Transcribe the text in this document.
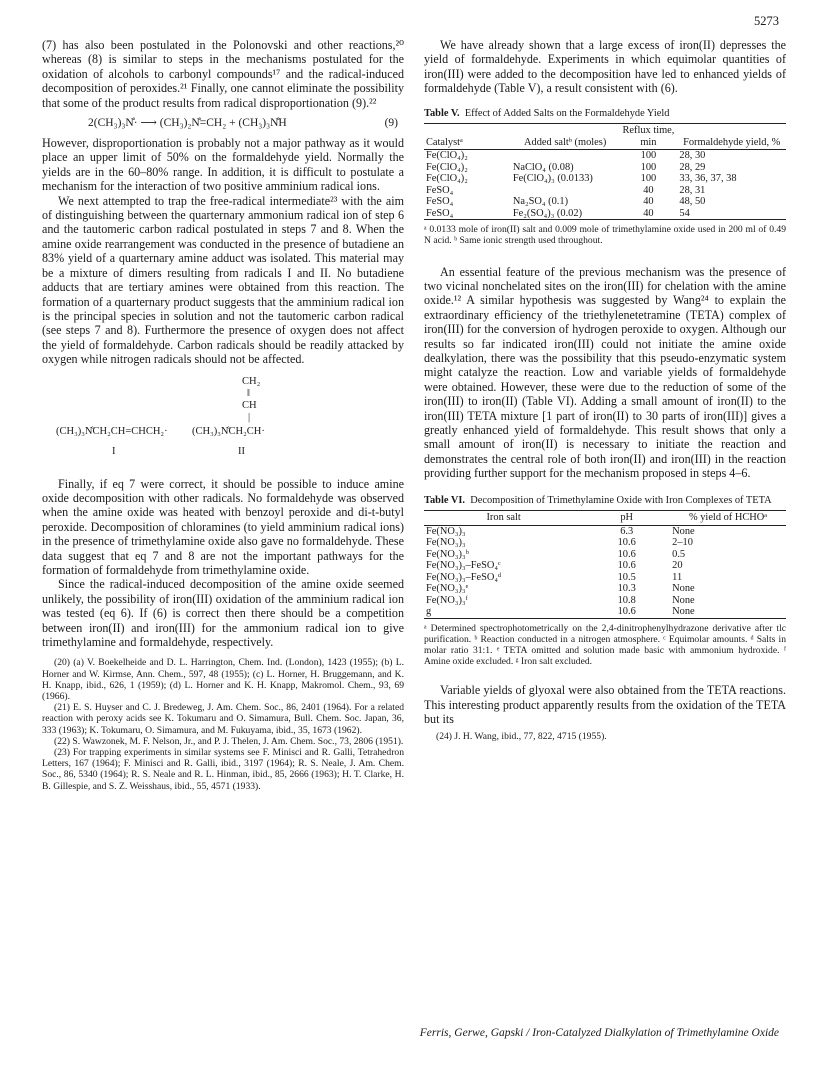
5273

(7) has also been postulated in the Polonovski and other reactions,²⁰ whereas (8) is similar to steps in the mechanisms postulated for the oxidation of alcohols to carbonyl compounds¹⁷ and the radical-induced decomposition of peroxides.²¹ Finally, one cannot eliminate the possibility that some of the product results from radical disproportionation (9).²²

2(CH₃)₃N̊· ⟶ (CH₃)₂N̊=CH₂ + (CH₃)₃N̊H	(9)

However, disproportionation is probably not a major pathway as it would place an upper limit of 50% on the formaldehyde yield. Normally the yields are in the 60–80% range. In addition, it is difficult to postulate a mechanism for the interaction of two positive amminium radical ions.

We next attempted to trap the free-radical intermediate²³ with the aim of distinguishing between the quarternary ammonium radical ion of step 6 and the tautomeric carbon radical postulated in steps 7 and 8. When the amine oxide rearrangement was conducted in the presence of butadiene an 83% yield of a quarternary amine adduct was isolated. This material may be a mixture of dimers resulting from radicals I and II. No butadiene adducts that are tertiary amines were obtained from this reaction. The formation of a quarternary product suggests that the amminium radical ion is the principal species in solution and not the tautomeric carbon radical (see steps 7 and 8). Furthermore the presence of oxygen does not affect the yield of formaldehyde. Carbon radicals should be readily attacked by oxygen while nitrogen radicals should not be affected.

CH₂
‖
CH
|
(CH₃)₃N̊CH₂CH=CHCH₂· (CH₃)₃N̊CH₂CH·
I	II

Finally, if eq 7 were correct, it should be possible to induce amine oxide decomposition with other radicals. No formaldehyde was observed when the amine oxide was heated with benzoyl peroxide and di-t-butyl peroxide. Decomposition of chloramines (to yield amminium radical ions) in the presence of trimethylamine oxide also gave no formaldehyde. These data suggest that eq 7 and 8 are not the important pathways for the formation of formaldehyde from trimethylamine oxide.

Since the radical-induced decomposition of the amine oxide seemed unlikely, the possibility of iron(III) oxidation of the amminium radical ion was tested (eq 6). If (6) is correct then there should be a competition between iron(II) and iron(III) for the ammonium radical ion to give trimethylamine and formaldehyde, respectively.

(20) (a) V. Boekelheide and D. L. Harrington, Chem. Ind. (London), 1423 (1955); (b) L. Horner and W. Kirmse, Ann. Chem., 597, 48 (1955); (c) L. Horner, H. Bruggemann, and K. H. Knapp, ibid., 626, 1 (1959); (d) L. Horner and K. H. Knapp, Makromol. Chem., 93, 69 (1966).

(21) E. S. Huyser and C. J. Bredeweg, J. Am. Chem. Soc., 86, 2401 (1964). For a related reaction with peroxy acids see K. Tokumaru and O. Simamura, Bull. Chem. Soc. Japan, 36, 333 (1963); K. Tokumaru, O. Simamura, and M. Fukuyama, ibid., 35, 1673 (1962).

(22) S. Wawzonek, M. F. Nelson, Jr., and P. J. Thelen, J. Am. Chem. Soc., 73, 2806 (1951).

(23) For trapping experiments in similar systems see F. Minisci and R. Galli, Tetrahedron Letters, 167 (1964); F. Minisci and R. Galli, ibid., 3197 (1964); R. S. Neale, J. Am. Chem. Soc., 86, 5340 (1964); R. S. Neale and R. L. Hinman, ibid., 85, 2666 (1963); H. T. Clarke, H. B. Gillespie, and S. Z. Weisshaus, ibid., 55, 4571 (1933).

We have already shown that a large excess of iron(II) depresses the yield of formaldehyde. Experiments in which equimolar quantities of iron(III) were added to the decomposition have led to enhanced yields of formaldehyde (Table V), a result consistent with (6).

Table V. Effect of Added Salts on the Formaldehyde Yield
Catalystᵃ	Added saltᵇ (moles)	Reflux time, min	Formaldehyde yield, %
Fe(ClO₄)₂		100	28, 30
Fe(ClO₄)₂	NaClO₄ (0.08)	100	28, 29
Fe(ClO₄)₂	Fe(ClO₄)₃ (0.0133)	100	33, 36, 37, 38
FeSO₄		40	28, 31
FeSO₄	Na₂SO₄ (0.1)	40	48, 50
FeSO₄	Fe₂(SO₄)₃ (0.02)	40	54
ᵃ 0.0133 mole of iron(II) salt and 0.009 mole of trimethylamine oxide used in 200 ml of 0.49 N acid. ᵇ Same ionic strength used throughout.

An essential feature of the previous mechanism was the presence of two vicinal nonchelated sites on the iron(III) for chelation with the amine oxide.¹² A similar hypothesis was suggested by Wang²⁴ to explain the extraordinary efficiency of the triethylenetetramine (TETA) complex of iron(III) for the conversion of hydrogen peroxide to oxygen. Although our results so far indicated iron(III) could not initiate the amine oxide dealkylation, there was the possibility that this pseudo-enzymatic system might catalyze the reaction. Low and variable yields of formaldehyde were obtained. However, these were due to the reduction of some of the iron(III) to iron(II) (Table VI). Adding a small amount of iron(II) to the iron(III) TETA mixture [1 part of iron(II) to 30 parts of iron(III)] gives a greatly enhanced yield of formaldehyde. This result shows that only a small amount of iron(II) is necessary to initiate the reaction and demonstrates the central role of both iron(II) and iron(III) in the reaction providing further support for the mechanism proposed in steps 4–6.

Table VI. Decomposition of Trimethylamine Oxide with Iron Complexes of TETA
Iron salt	pH	% yield of HCHOᵃ
Fe(NO₃)₃	6.3	None
Fe(NO₃)₃	10.6	2–10
Fe(NO₃)₃ᵇ	10.6	0.5
Fe(NO₃)₃–FeSO₄ᶜ	10.6	20
Fe(NO₃)₃–FeSO₄ᵈ	10.5	11
Fe(NO₃)₃ᵉ	10.3	None
Fe(NO₃)₃ᶠ	10.8	None
g	10.6	None
ᵃ Determined spectrophotometrically on the 2,4-dinitrophenylhydrazone derivative after tlc purification. ᵇ Reaction conducted in a nitrogen atmosphere. ᶜ Equimolar amounts. ᵈ Salts in molar ratio 31:1. ᵉ TETA omitted and solution made basic with ammonium hydroxide. ᶠ Amine oxide excluded. ᵍ Iron salt excluded.

Variable yields of glyoxal were also obtained from the TETA reactions. This interesting product apparently results from the oxidation of the TETA but its

(24) J. H. Wang, ibid., 77, 822, 4715 (1955).

Ferris, Gerwe, Gapski / Iron-Catalyzed Dialkylation of Trimethylamine Oxide
